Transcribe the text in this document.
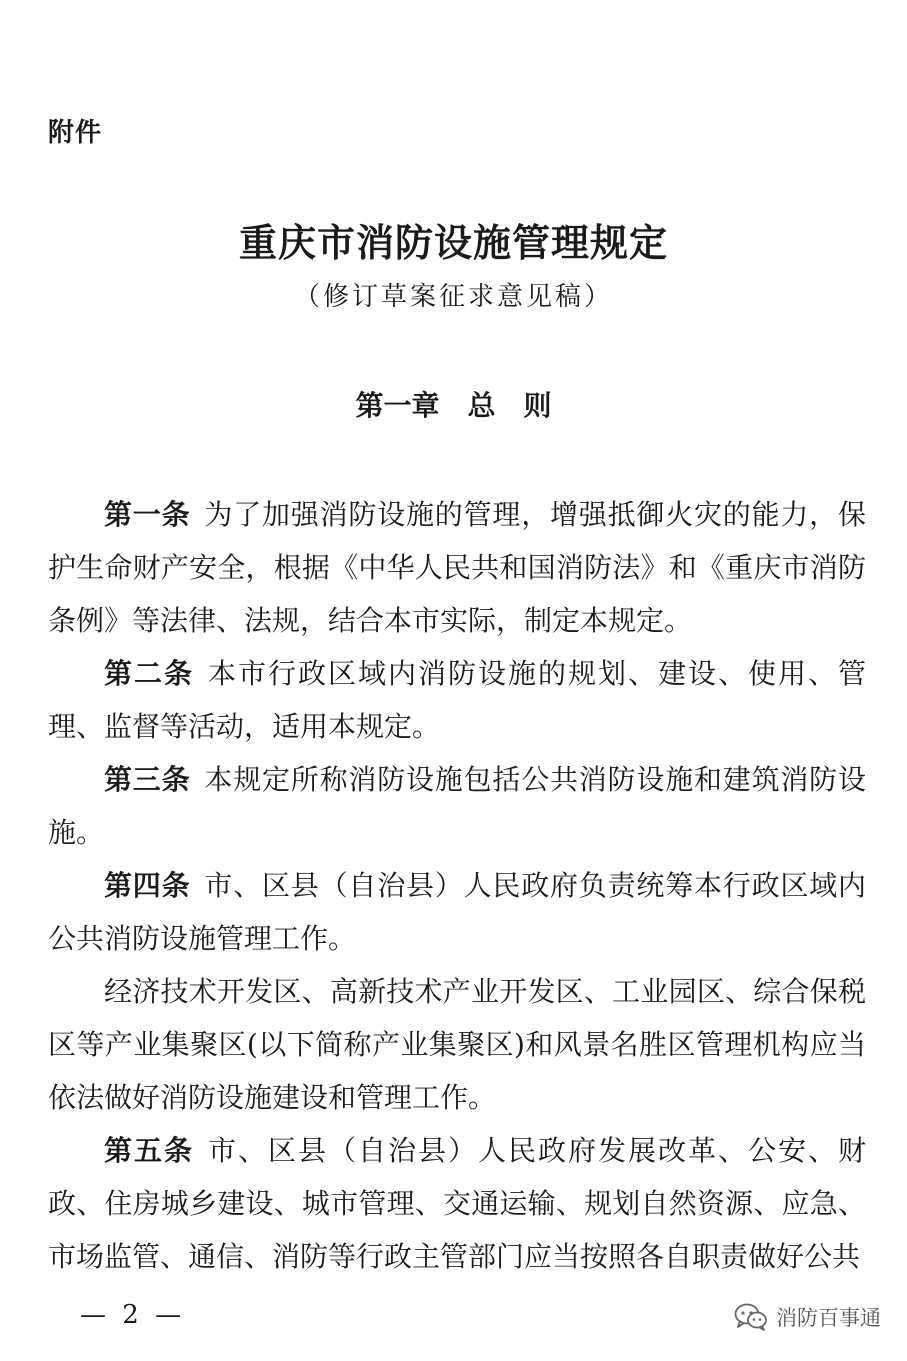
附件
重庆市消防设施管理规定
（修订草案征求意见稿）
第一章 总　则

第一条 为了加强消防设施的管理，增强抵御火灾的能力，保护生命财产安全，根据《中华人民共和国消防法》和《重庆市消防条例》等法律、法规，结合本市实际，制定本规定。

第二条 本市行政区域内消防设施的规划、建设、使用、管理、监督等活动，适用本规定。

第三条 本规定所称消防设施包括公共消防设施和建筑消防设施。

第四条 市、区县（自治县）人民政府负责统筹本行政区域内公共消防设施管理工作。

经济技术开发区、高新技术产业开发区、工业园区、综合保税区等产业集聚区(以下简称产业集聚区)和风景名胜区管理机构应当依法做好消防设施建设和管理工作。

第五条 市、区县（自治县）人民政府发展改革、公安、财政、住房城乡建设、城市管理、交通运输、规划自然资源、应急、市场监管、通信、消防等行政主管部门应当按照各自职责做好公共

— 2 —	消防百事通
